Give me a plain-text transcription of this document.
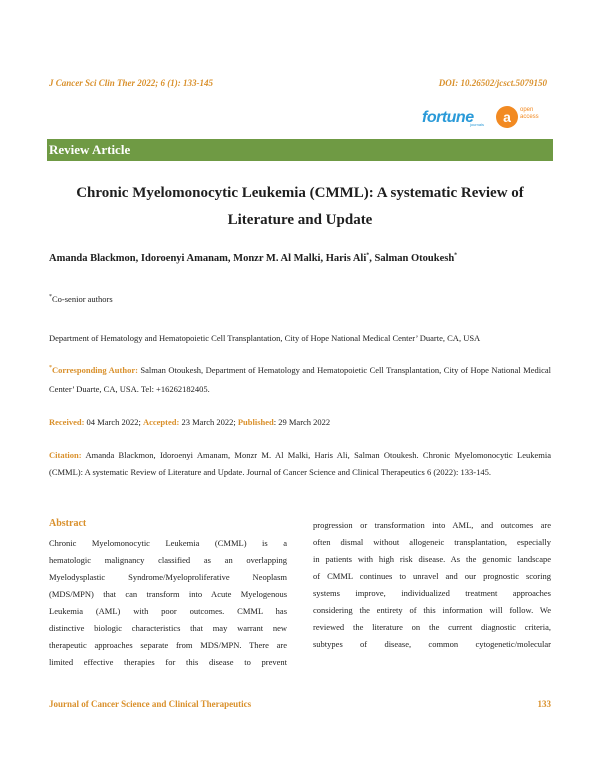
J Cancer Sci Clin Ther 2022; 6 (1): 133-145	DOI: 10.26502/jcsct.5079150
fortune
journals	a	open
access
Review Article
Chronic Myelomonocytic Leukemia (CMML): A systematic Review of
Literature and Update
Amanda Blackmon, Idoroenyi Amanam, Monzr M. Al Malki, Haris Ali*, Salman Otoukesh*
*Co-senior authors
Department of Hematology and Hematopoietic Cell Transplantation, City of Hope National Medical Center’ Duarte, CA, USA
*Corresponding Author: Salman Otoukesh, Department of Hematology and Hematopoietic Cell Transplantation, City of Hope National Medical Center’ Duarte, CA, USA. Tel: +16262182405.
Received: 04 March 2022; Accepted: 23 March 2022; Published: 29 March 2022
Citation: Amanda Blackmon, Idoroenyi Amanam, Monzr M. Al Malki, Haris Ali, Salman Otoukesh. Chronic Myelomonocytic Leukemia (CMML): A systematic Review of Literature and Update. Journal of Cancer Science and Clinical Therapeutics 6 (2022): 133-145.
Abstract
Chronic Myelomonocytic Leukemia (CMML) is a
hematologic malignancy classified as an overlapping
Myelodysplastic Syndrome/Myeloproliferative Neoplasm
(MDS/MPN) that can transform into Acute Myelogenous
Leukemia (AML) with poor outcomes. CMML has
distinctive biologic characteristics that may warrant new
therapeutic approaches separate from MDS/MPN. There are
limited effective therapies for this disease to prevent
progression or transformation into AML, and outcomes are
often dismal without allogeneic transplantation, especially
in patients with high risk disease. As the genomic landscape
of CMML continues to unravel and our prognostic scoring
systems improve, individualized treatment approaches
considering the entirety of this information will follow. We
reviewed the literature on the current diagnostic criteria,
subtypes of disease, common cytogenetic/molecular
Journal of Cancer Science and Clinical Therapeutics	133
